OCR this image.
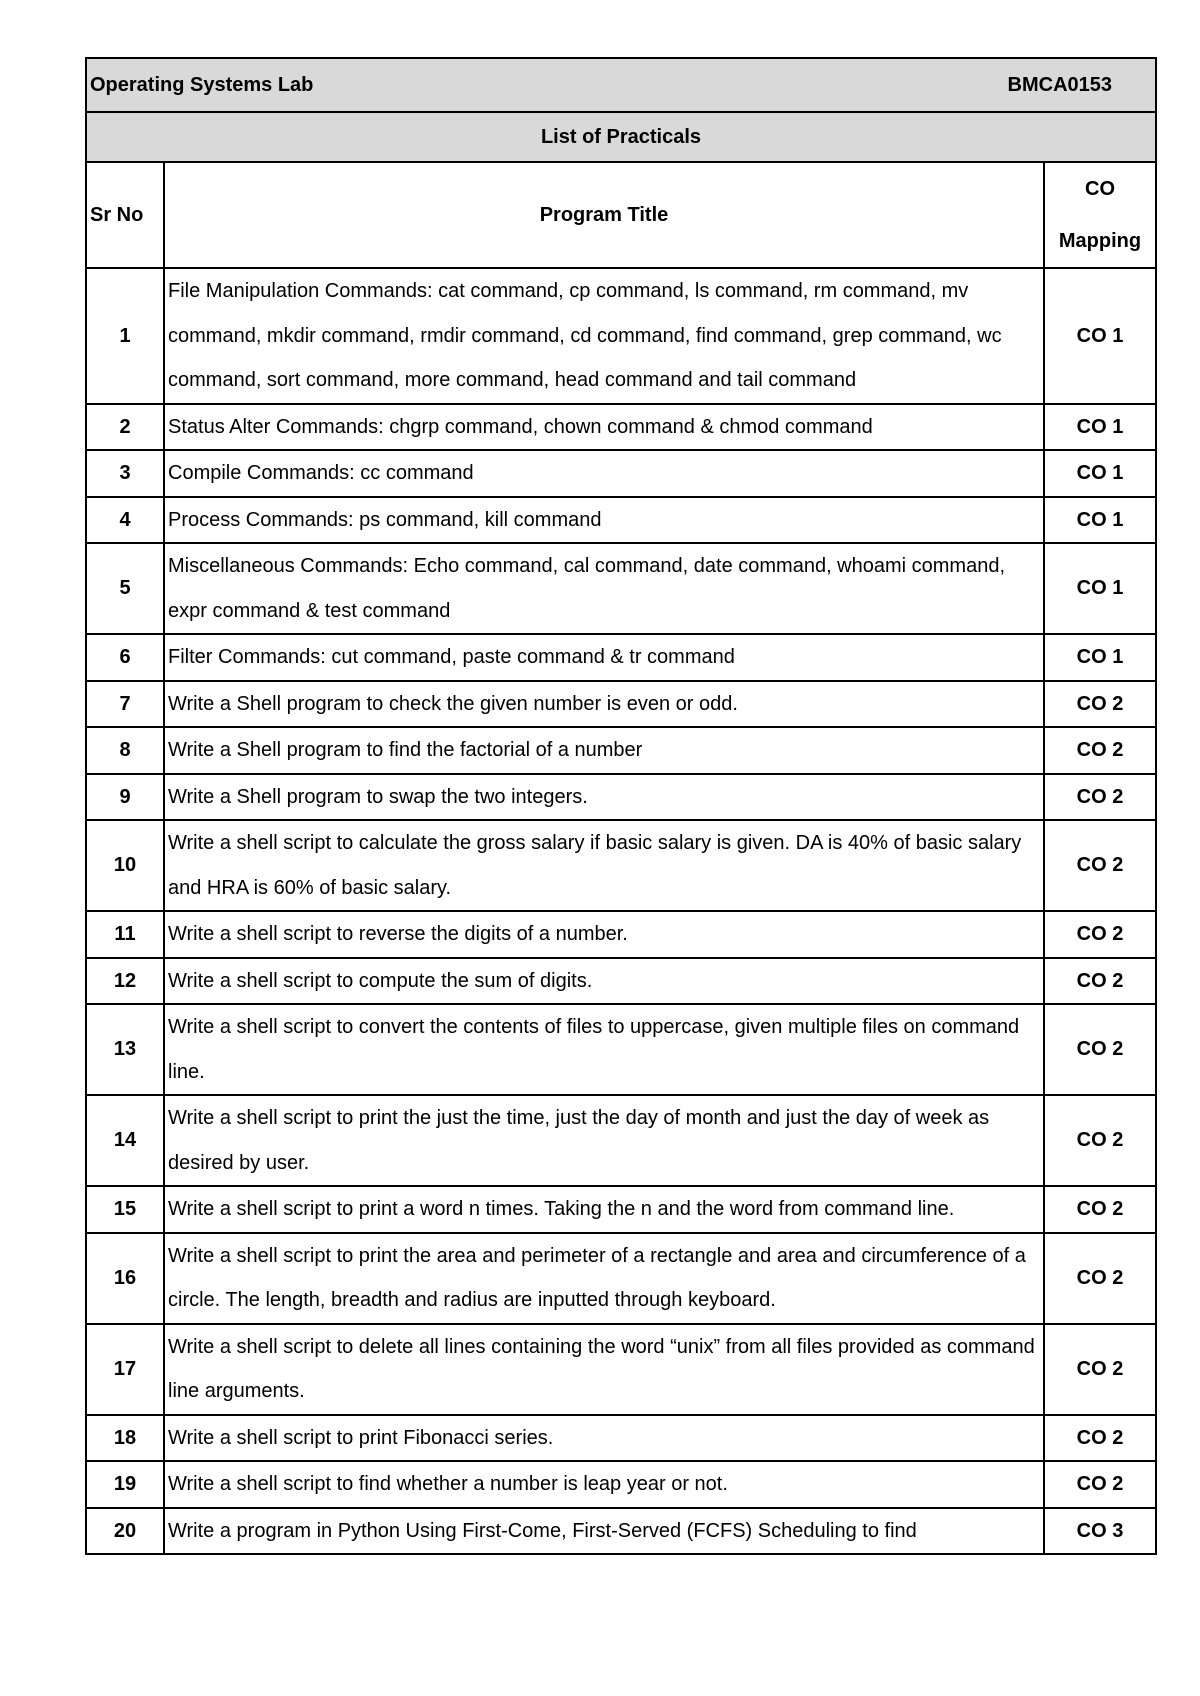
Operating Systems Lab BMCA0153		

List of Practicals		
Sr No	Program Title	CO Mapping
1	File Manipulation Commands: cat command, cp command, ls command, rm command, mv command, mkdir command, rmdir command, cd command, find command, grep command, wc command, sort command, more command, head command and tail command	CO 1
2	Status Alter Commands: chgrp command, chown command & chmod command	CO 1
3	Compile Commands: cc command	CO 1
4	Process Commands: ps command, kill command	CO 1
5	Miscellaneous Commands: Echo command, cal command, date command, whoami command, expr command & test command	CO 1
6	Filter Commands: cut command, paste command & tr command	CO 1
7	Write a Shell program to check the given number is even or odd.	CO 2
8	Write a Shell program to find the factorial of a number	CO 2
9	Write a Shell program to swap the two integers.	CO 2
10	Write a shell script to calculate the gross salary if basic salary is given. DA is 40% of basic salary and HRA is 60% of basic salary.	CO 2
11	Write a shell script to reverse the digits of a number.	CO 2
12	Write a shell script to compute the sum of digits.	CO 2
13	Write a shell script to convert the contents of files to uppercase, given multiple files on command line.	CO 2
14	Write a shell script to print the just the time, just the day of month and just the day of week as desired by user.	CO 2
15	Write a shell script to print a word n times. Taking the n and the word from command line.	CO 2
16	Write a shell script to print the area and perimeter of a rectangle and area and circumference of a circle. The length, breadth and radius are inputted through keyboard.	CO 2
17	Write a shell script to delete all lines containing the word “unix” from all files provided as command line arguments.	CO 2
18	Write a shell script to print Fibonacci series.	CO 2
19	Write a shell script to find whether a number is leap year or not.	CO 2
20	Write a program in Python Using First-Come, First-Served (FCFS) Scheduling to find	CO 3
